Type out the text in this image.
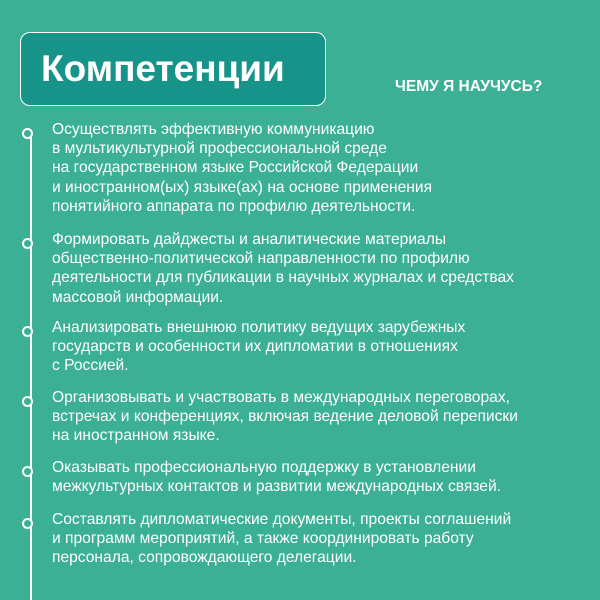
Компетенции	ЧЕМУ Я НАУЧУСЬ?

Осуществлять эффективную коммуникацию
в мультикультурной профессиональной среде
на государственном языке Российской Федерации
и иностранном(ых) языке(ах) на основе применения
понятийного аппарата по профилю деятельности.

Формировать дайджесты и аналитические материалы
общественно-политической направленности по профилю
деятельности для публикации в научных журналах и средствах
массовой информации.

Анализировать внешнюю политику ведущих зарубежных
государств и особенности их дипломатии в отношениях
с Россией.

Организовывать и участвовать в международных переговорах,
встречах и конференциях, включая ведение деловой переписки
на иностранном языке.

Оказывать профессиональную поддержку в установлении
межкультурных контактов и развитии международных связей.

Составлять дипломатические документы, проекты соглашений
и программ мероприятий, а также координировать работу
персонала, сопровождающего делегации.
